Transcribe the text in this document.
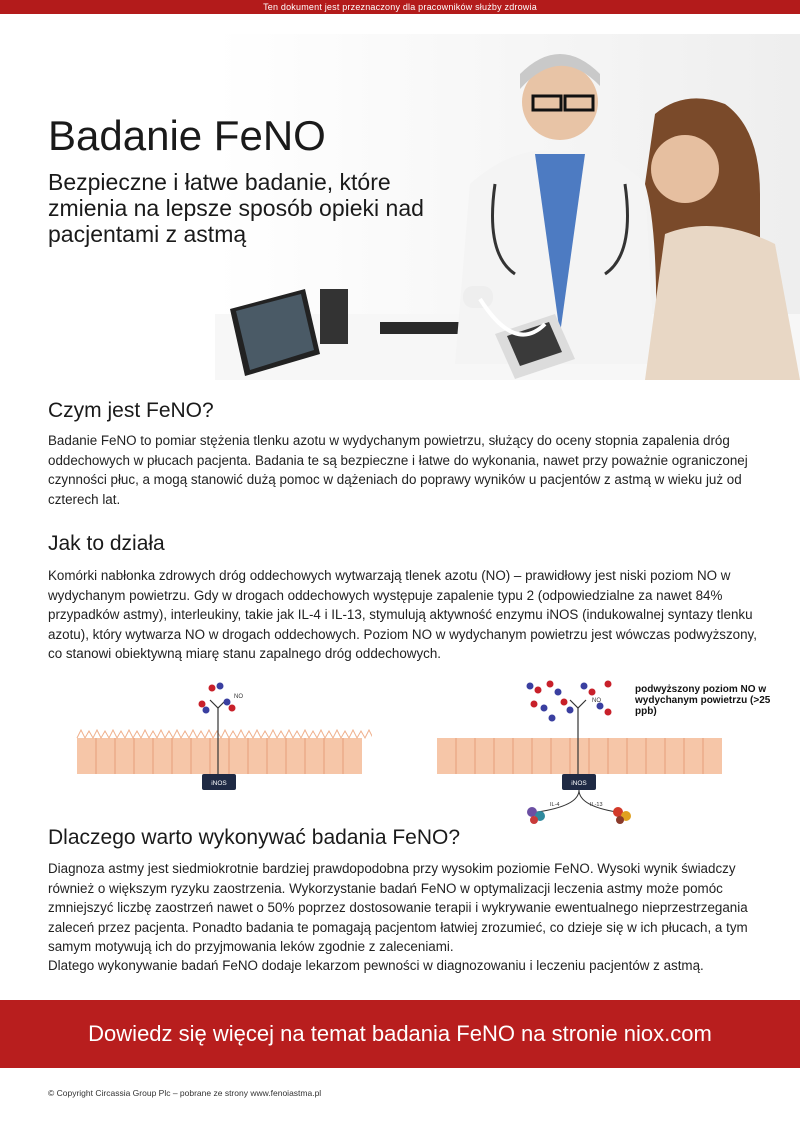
Ten dokument jest przeznaczony dla pracowników służby zdrowia
Badanie FeNO

Bezpieczne i łatwe badanie, które zmienia na lepsze sposób opieki nad pacjentami z astmą

Czym jest FeNO?

Badanie FeNO to pomiar stężenia tlenku azotu w wydychanym powietrzu, służący do oceny stopnia zapalenia dróg oddechowych w płucach pacjenta. Badania te są bezpieczne i łatwe do wykonania, nawet przy poważnie ograniczonej czynności płuc, a mogą stanowić dużą pomoc w dążeniach do poprawy wyników u pacjentów z astmą w wieku już od czterech lat.

Jak to działa

Komórki nabłonka zdrowych dróg oddechowych wytwarzają tlenek azotu (NO) – prawidłowy jest niski poziom NO w wydychanym powietrzu. Gdy w drogach oddechowych występuje zapalenie typu 2 (odpowiedzialne za nawet 84% przypadków astmy), interleukiny, takie jak IL-4 i IL-13, stymulują aktywność enzymu iNOS (indukowalnej syntazy tlenku azotu), który wytwarza NO w drogach oddechowych. Poziom NO w wydychanym powietrzu jest wówczas podwyższony, co stanowi obiektywną miarę stanu zapalnego dróg oddechowych.

NO
iNOS
NO
iNOS
IL-4	IL-13
podwyższony poziom NO w wydychanym powietrzu (>25 ppb)
Dlaczego warto wykonywać badania FeNO?

Diagnoza astmy jest siedmiokrotnie bardziej prawdopodobna przy wysokim poziomie FeNO. Wysoki wynik świadczy również o większym ryzyku zaostrzenia. Wykorzystanie badań FeNO w optymalizacji leczenia astmy może pomóc zmniejszyć liczbę zaostrzeń nawet o 50% poprzez dostosowanie terapii i wykrywanie ewentualnego nieprzestrzegania zaleceń przez pacjenta. Ponadto badania te pomagają pacjentom łatwiej zrozumieć, co dzieje się w ich płucach, a tym samym motywują ich do przyjmowania leków zgodnie z zaleceniami.

Dlatego wykonywanie badań FeNO dodaje lekarzom pewności w diagnozowaniu i leczeniu pacjentów z astmą.

Dowiedz się więcej na temat badania FeNO na stronie niox.com
© Copyright Circassia Group Plc – pobrane ze strony www.fenoiastma.pl
